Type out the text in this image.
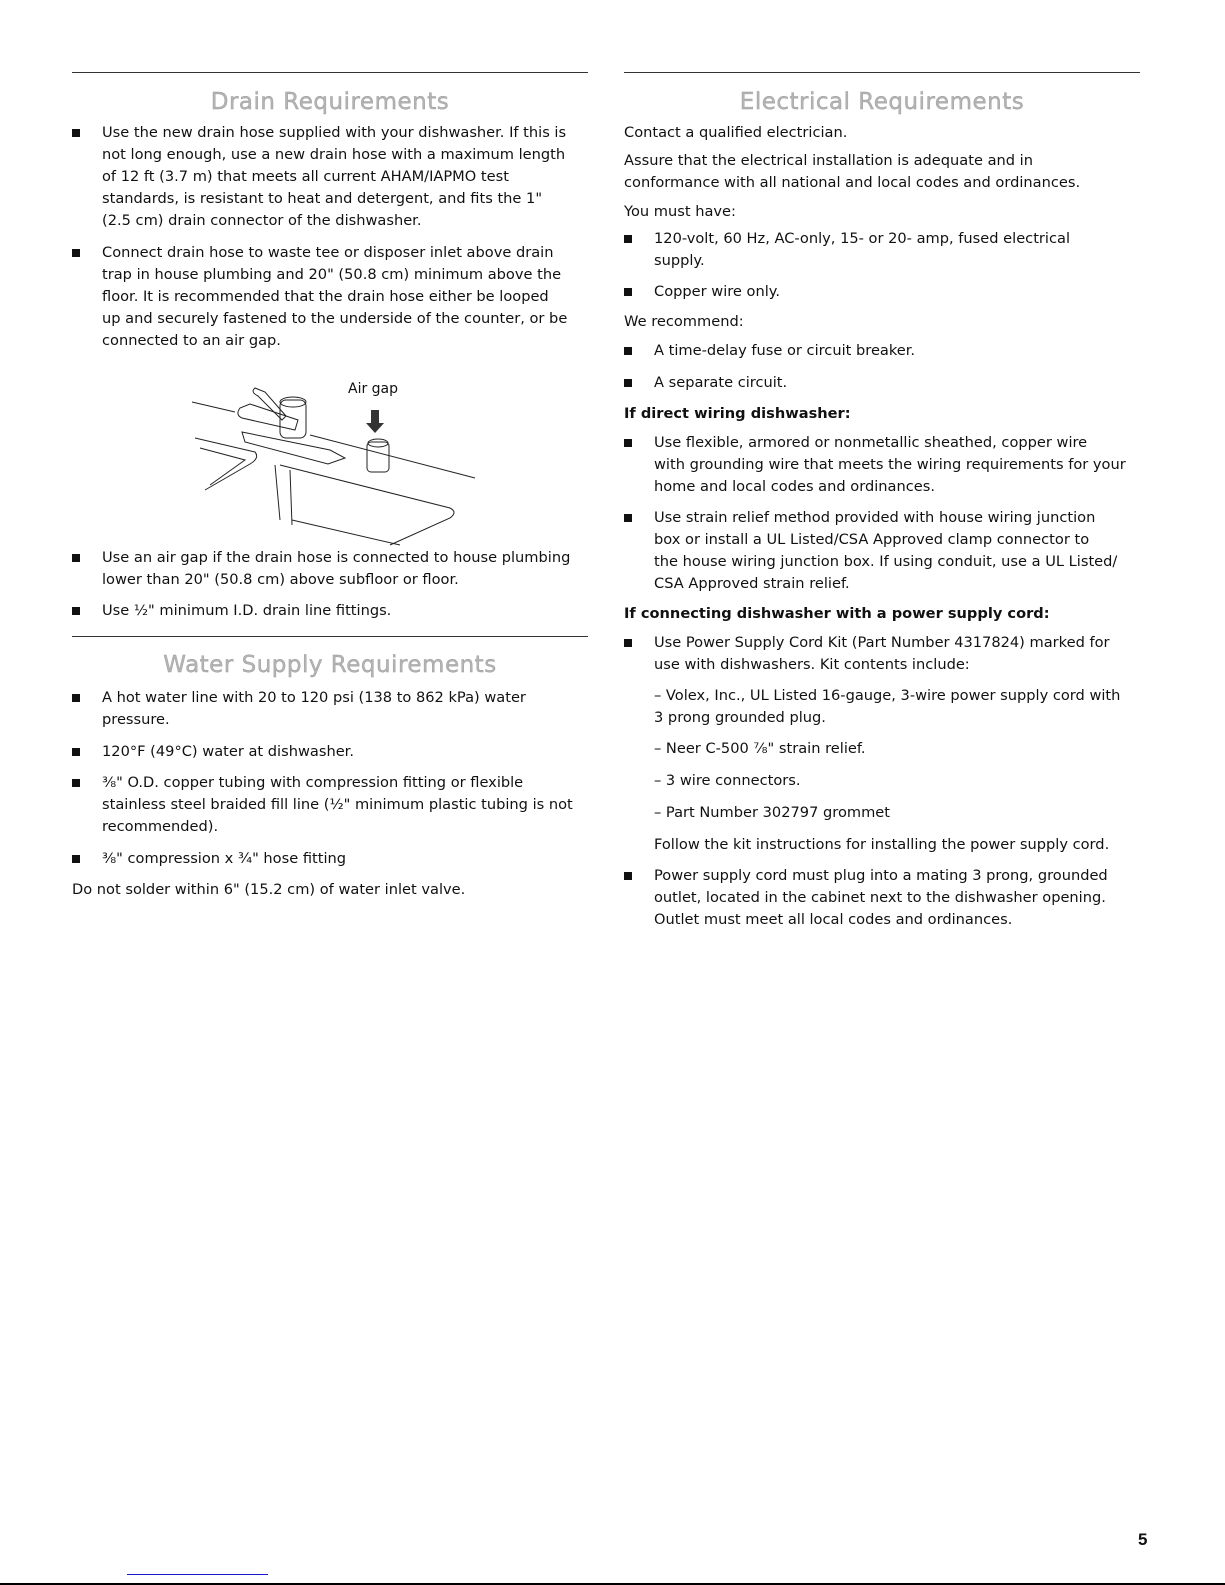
Drain Requirements
Use the new drain hose supplied with your dishwasher. If this is
not long enough, use a new drain hose with a maximum length
of 12 ft (3.7 m) that meets all current AHAM/IAPMO test
standards, is resistant to heat and detergent, and fits the 1"
(2.5 cm) drain connector of the dishwasher.
Connect drain hose to waste tee or disposer inlet above drain
trap in house plumbing and 20" (50.8 cm) minimum above the
floor. It is recommended that the drain hose either be looped
up and securely fastened to the underside of the counter, or be
connected to an air gap.
Air gap
Use an air gap if the drain hose is connected to house plumbing
lower than 20" (50.8 cm) above subfloor or floor.
Use ½" minimum I.D. drain line fittings.
Water Supply Requirements
A hot water line with 20 to 120 psi (138 to 862 kPa) water
pressure.
120°F (49°C) water at dishwasher.
⅜" O.D. copper tubing with compression fitting or flexible
stainless steel braided fill line (½" minimum plastic tubing is not
recommended).
⅜" compression x ¾" hose fitting
Do not solder within 6" (15.2 cm) of water inlet valve.
Electrical Requirements
Contact a qualified electrician.
Assure that the electrical installation is adequate and in
conformance with all national and local codes and ordinances.
You must have:
120-volt, 60 Hz, AC-only, 15- or 20- amp, fused electrical
supply.
Copper wire only.
We recommend:
A time-delay fuse or circuit breaker.
A separate circuit.
If direct wiring dishwasher:
Use flexible, armored or nonmetallic sheathed, copper wire
with grounding wire that meets the wiring requirements for your
home and local codes and ordinances.
Use strain relief method provided with house wiring junction
box or install a UL Listed/CSA Approved clamp connector to
the house wiring junction box. If using conduit, use a UL Listed/
CSA Approved strain relief.
If connecting dishwasher with a power supply cord:
Use Power Supply Cord Kit (Part Number 4317824) marked for
use with dishwashers. Kit contents include:
– Volex, Inc., UL Listed 16-gauge, 3-wire power supply cord with
3 prong grounded plug.
– Neer C-500 ⅞" strain relief.
– 3 wire connectors.
– Part Number 302797 grommet
Follow the kit instructions for installing the power supply cord.
Power supply cord must plug into a mating 3 prong, grounded
outlet, located in the cabinet next to the dishwasher opening.
Outlet must meet all local codes and ordinances.
5
